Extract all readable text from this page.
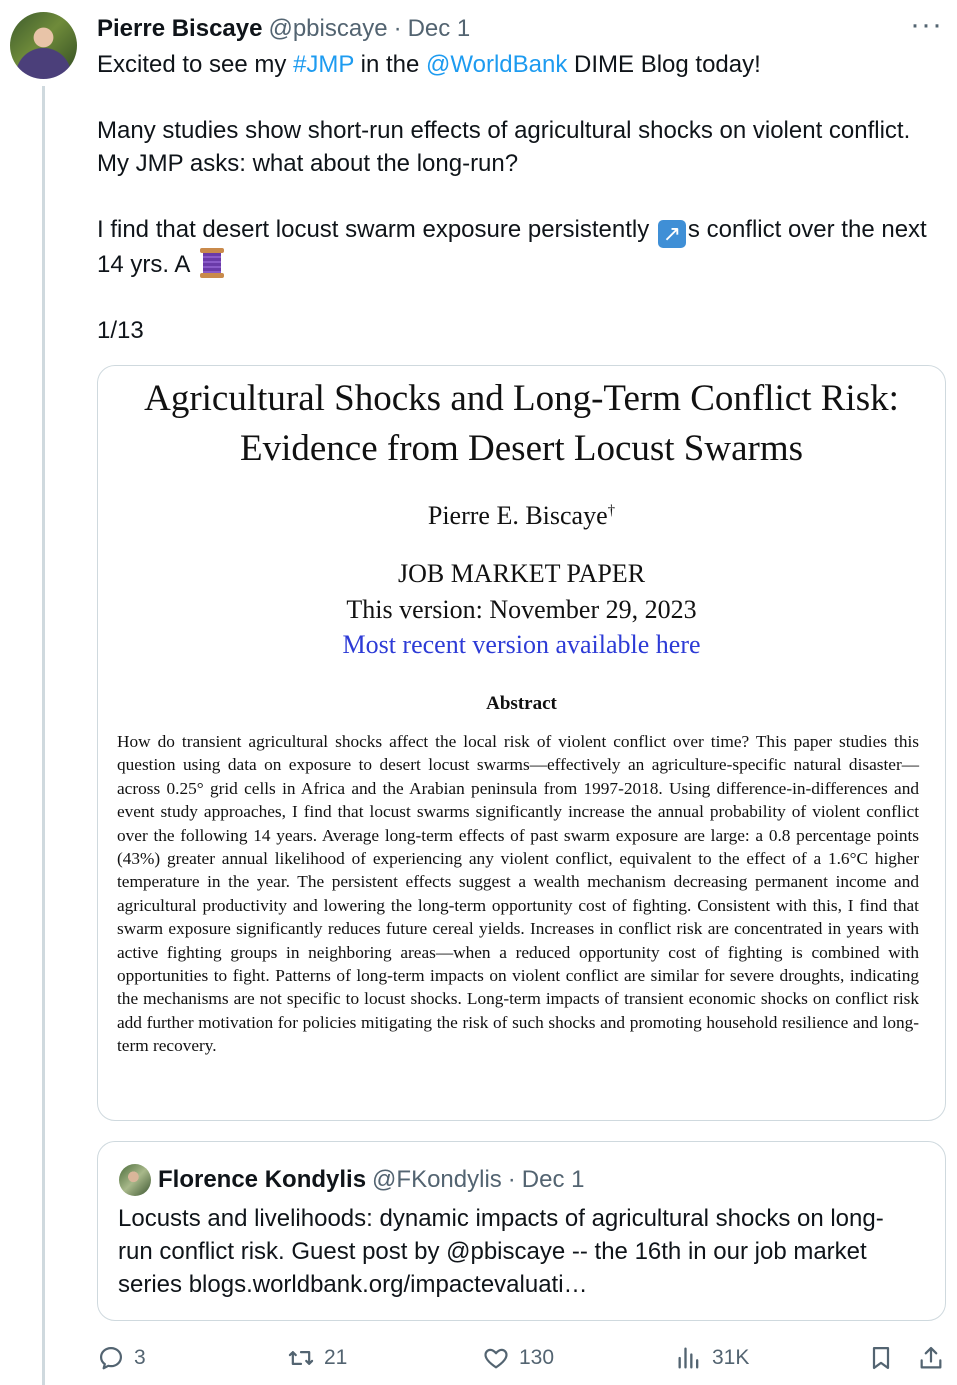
Pierre Biscaye @pbiscaye · Dec 1	···

Excited to see my #JMP in the @WorldBank DIME Blog today!

Many studies show short-run effects of agricultural shocks on violent conflict. My JMP asks: what about the long-run?

I find that desert locust swarm exposure persistently ↗ s conflict over the next 14 yrs. A

1/13

Agricultural Shocks and Long-Term Conflict Risk:
Evidence from Desert Locust Swarms
Pierre E. Biscaye†
JOB MARKET PAPER
This version: November 29, 2023
Most recent version available here
Abstract
How do transient agricultural shocks affect the local risk of violent conflict over time? This paper studies this question using data on exposure to desert locust swarms—effectively an agriculture-specific natural disaster—across 0.25° grid cells in Africa and the Arabian peninsula from 1997-2018. Using difference-in-differences and event study approaches, I find that locust swarms significantly increase the annual probability of violent conflict over the following 14 years. Average long-term effects of past swarm exposure are large: a 0.8 percentage points (43%) greater annual likelihood of experiencing any violent conflict, equivalent to the effect of a 1.6°C higher temperature in the year. The persistent effects suggest a wealth mechanism decreasing permanent income and agricultural productivity and lowering the long-term opportunity cost of fighting. Consistent with this, I find that swarm exposure significantly reduces future cereal yields. Increases in conflict risk are concentrated in years with active fighting groups in neighboring areas—when a reduced opportunity cost of fighting is combined with opportunities to fight. Patterns of long-term impacts on violent conflict are similar for severe droughts, indicating the mechanisms are not specific to locust shocks. Long-term impacts of transient economic shocks on conflict risk add further motivation for policies mitigating the risk of such shocks and promoting household resilience and long-term recovery.
Florence Kondylis @FKondylis · Dec 1
Locusts and livelihoods: dynamic impacts of agricultural shocks on long-run conflict risk. Guest post by @pbiscaye -- the 16th in our job market series blogs.worldbank.org/impactevaluati…
3	21	130	31K
